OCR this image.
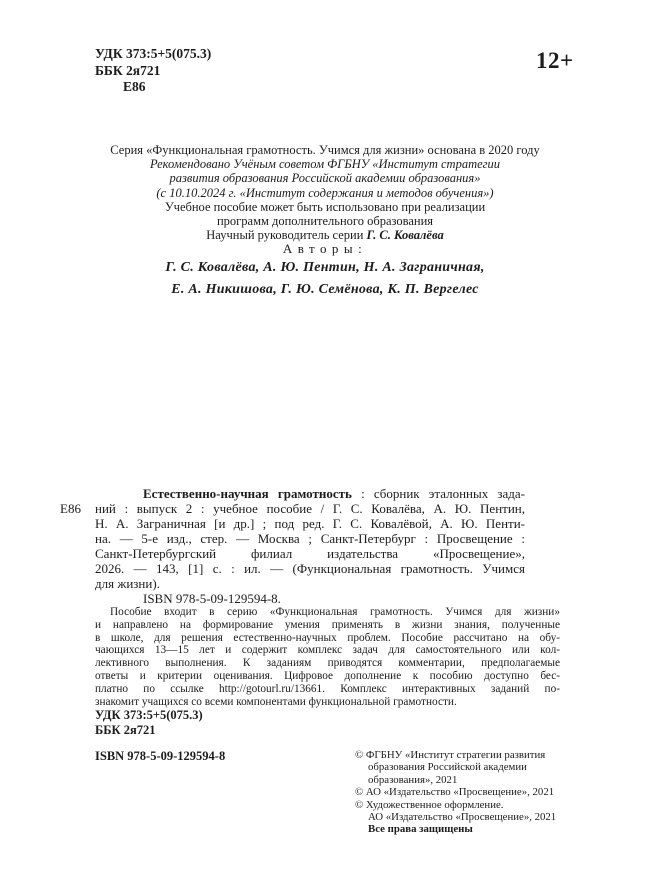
УДК 373:5+5(075.3)
ББК 2я721
Е86
12+

Серия «Функциональная грамотность. Учимся для жизни» основана в 2020 году

Рекомендовано Учёным советом ФГБНУ «Институт стратегии

развития образования Российской академии образования»

(с 10.10.2024 г. «Институт содержания и методов обучения»)

Учебное пособие может быть использовано при реализации

программ дополнительного образования

Научный руководитель серии Г. С. Ковалёва

Авторы:

Г. С. Ковалёва, А. Ю. Пентин, Н. А. Заграничная,

Е. А. Никишова, Г. Ю. Семёнова, К. П. Вергелес

Е86
Естественно-научная грамотность : сборник эталонных зада-
ний : выпуск 2 : учебное пособие / Г. С. Ковалёва, А. Ю. Пентин,
Н. А. Заграничная [и др.] ; под ред. Г. С. Ковалёвой, А. Ю. Пенти-
на. — 5-е изд., стер. — Москва ; Санкт-Петербург : Просвещение :
Санкт-Петербургский филиал издательства «Просвещение»,
2026. — 143, [1] с. : ил. — (Функциональная грамотность. Учимся
для жизни).
ISBN 978-5-09-129594-8.
Пособие входит в серию «Функциональная грамотность. Учимся для жизни»
и направлено на формирование умения применять в жизни знания, полученные
в школе, для решения естественно-научных проблем. Пособие рассчитано на обу-
чающихся 13—15 лет и содержит комплекс задач для самостоятельного или кол-
лективного выполнения. К заданиям приводятся комментарии, предполагаемые
ответы и критерии оценивания. Цифровое дополнение к пособию доступно бес-
платно по ссылке http://gotourl.ru/13661. Комплекс интерактивных заданий по-
знакомит учащихся со всеми компонентами функциональной грамотности.
УДК 373:5+5(075.3)
ББК 2я721
ISBN 978-5-09-129594-8	© ФГБНУ «Институт стратегии развития
образования Российской академии
образования», 2021
© АО «Издательство «Просвещение», 2021
© Художественное оформление.
АО «Издательство «Просвещение», 2021
Все права защищены
